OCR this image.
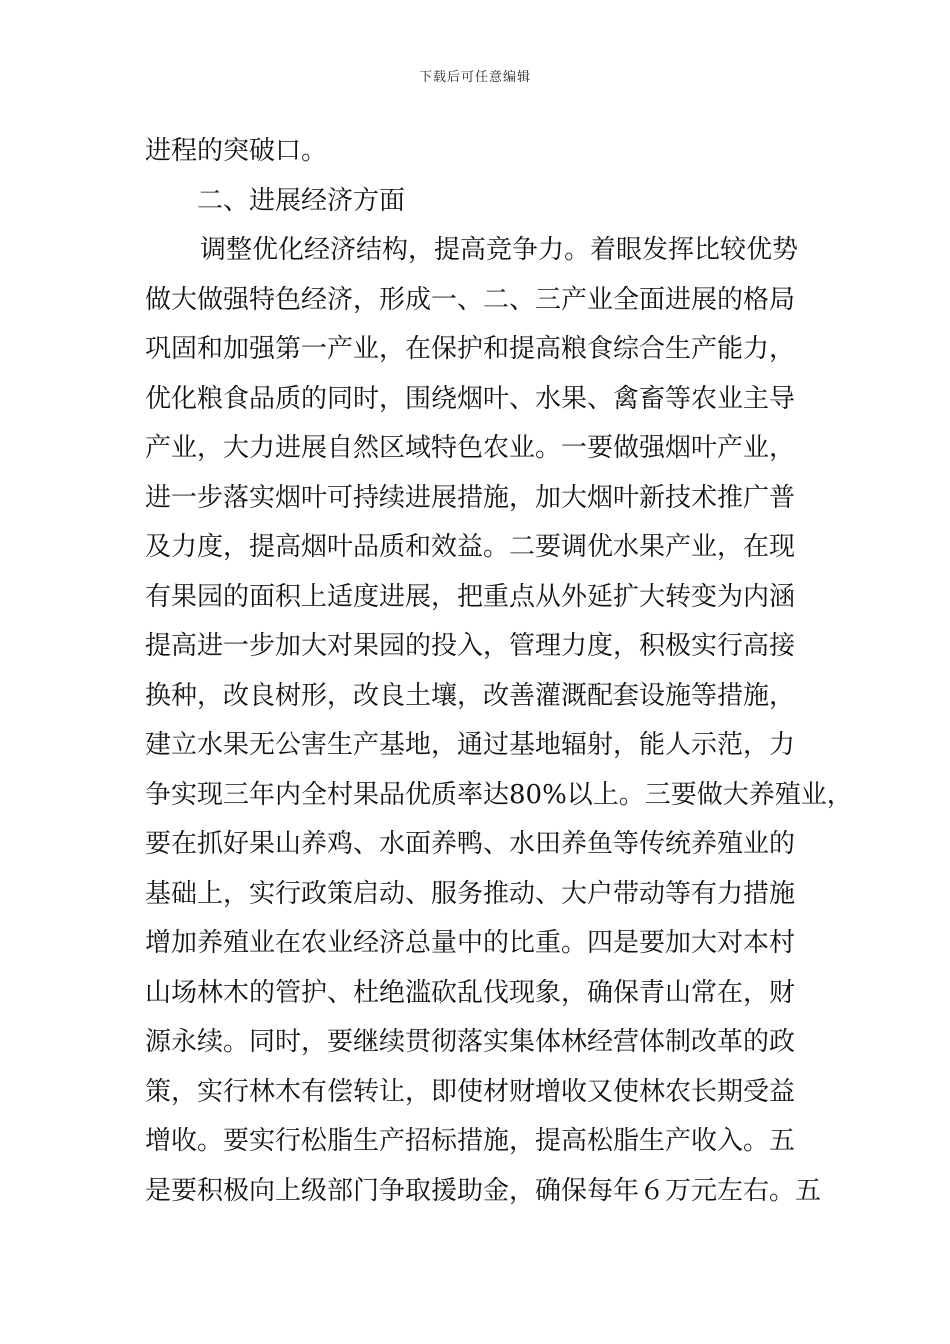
下载后可任意编辑
进程的突破口。
二、进展经济方面
调整优化经济结构，提高竞争力。着眼发挥比较优势
做大做强特色经济，形成一、二、三产业全面进展的格局
巩固和加强第一产业，在保护和提高粮食综合生产能力，
优化粮食品质的同时，围绕烟叶、水果、禽畜等农业主导
产业，大力进展自然区域特色农业。一要做强烟叶产业，
进一步落实烟叶可持续进展措施，加大烟叶新技术推广普
及力度，提高烟叶品质和效益。二要调优水果产业，在现
有果园的面积上适度进展，把重点从外延扩大转变为内涵
提高进一步加大对果园的投入，管理力度，积极实行高接
换种，改良树形，改良土壤，改善灌溉配套设施等措施，
建立水果无公害生产基地，通过基地辐射，能人示范，力
争实现三年内全村果品优质率达80%以上。三要做大养殖业，
要在抓好果山养鸡、水面养鸭、水田养鱼等传统养殖业的
基础上，实行政策启动、服务推动、大户带动等有力措施
增加养殖业在农业经济总量中的比重。四是要加大对本村
山场林木的管护、杜绝滥砍乱伐现象，确保青山常在，财
源永续。同时，要继续贯彻落实集体林经营体制改革的政
策，实行林木有偿转让，即使材财增收又使林农长期受益
增收。要实行松脂生产招标措施，提高松脂生产收入。五
是要积极向上级部门争取援助金，确保每年６万元左右。五
